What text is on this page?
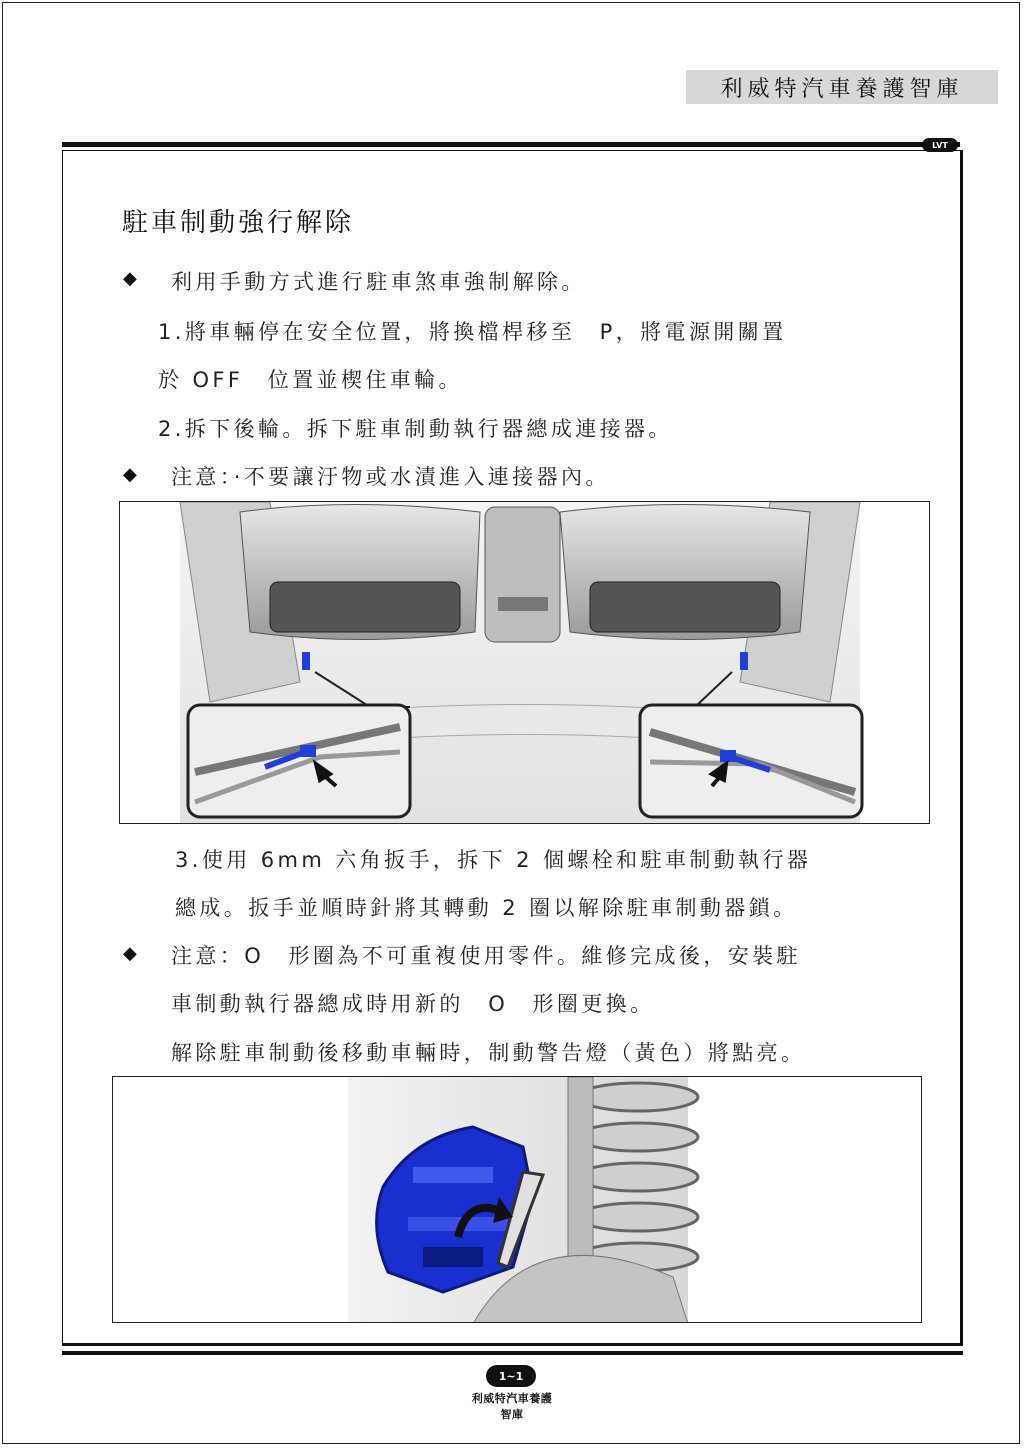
利威特汽車養護智庫
LVT
駐車制動強行解除
◆ 利用手動方式進行駐車煞車強制解除。
1.將車輛停在安全位置，將換檔桿移至　P，將電源開關置
於 OFF　位置並楔住車輪。
2.拆下後輪。拆下駐車制動執行器總成連接器。
◆ 注意：·不要讓汙物或水漬進入連接器內。
3.使用 6mm 六角扳手，拆下 2 個螺栓和駐車制動執行器
總成。扳手並順時針將其轉動 2 圈以解除駐車制動器鎖。
◆ 注意：O　形圈為不可重複使用零件。維修完成後，安裝駐
車制動執行器總成時用新的　O　形圈更換。
解除駐車制動後移動車輛時，制動警告燈（黃色）將點亮。
1~1
利威特汽車養護智庫
